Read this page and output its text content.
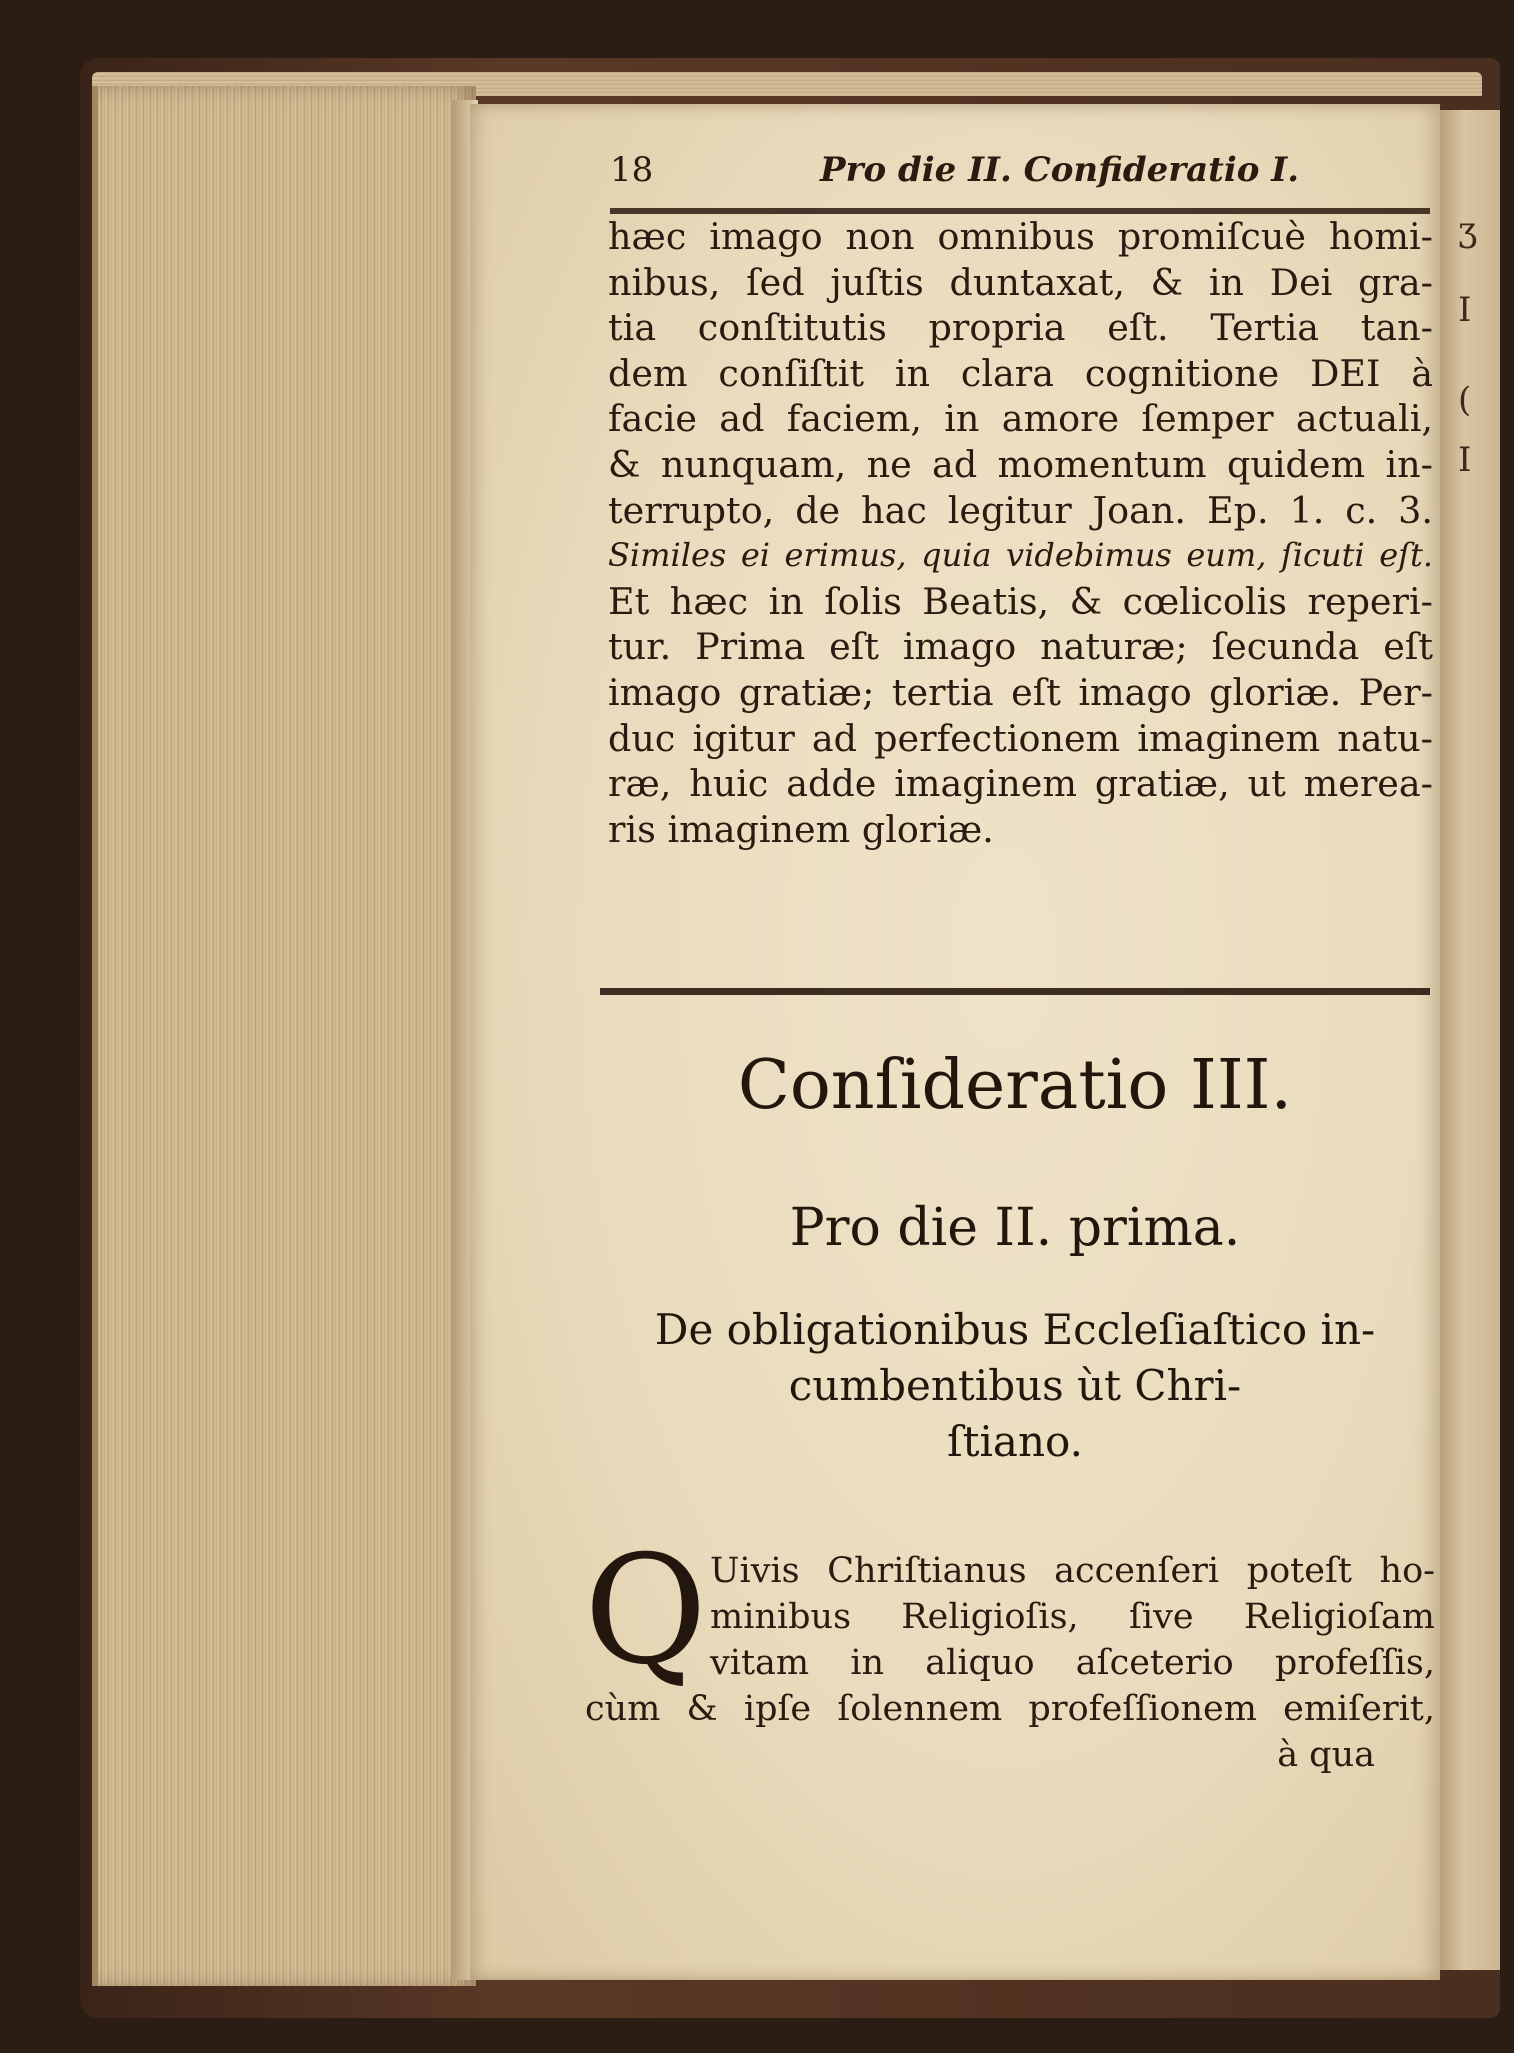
ʒ
I
(
I
18	Pro die II. Confideratio I.
hæc imago non omnibus promiſcuè homi-
nibus, ſed juſtis duntaxat, & in Dei gra-
tia conſtitutis propria eſt. Tertia tan-
dem conſiſtit in clara cognitione DEI à
facie ad faciem, in amore ſemper actuali,
& nunquam, ne ad momentum quidem in-
terrupto, de hac legitur Joan. Ep. 1. c. 3.
Similes ei erimus, quia videbimus eum, ſicuti eſt.
Et hæc in ſolis Beatis, & cœlicolis reperi-
tur. Prima eſt imago naturæ; ſecunda eſt
imago gratiæ; tertia eſt imago gloriæ. Per-
duc igitur ad perfectionem imaginem natu-
ræ, huic adde imaginem gratiæ, ut merea-
ris imaginem gloriæ.
Conſideratio III.
Pro die II. prima.
De obligationibus Eccleſiaſtico in-
cumbentibus ùt Chri-
ſtiano.
Q Uivis Chriſtianus accenſeri poteſt ho-
minibus Religioſis, ſive Religioſam
vitam in aliquo aſceterio profeſſis,
cùm & ipſe ſolennem profeſſionem emiſerit,
à qua
